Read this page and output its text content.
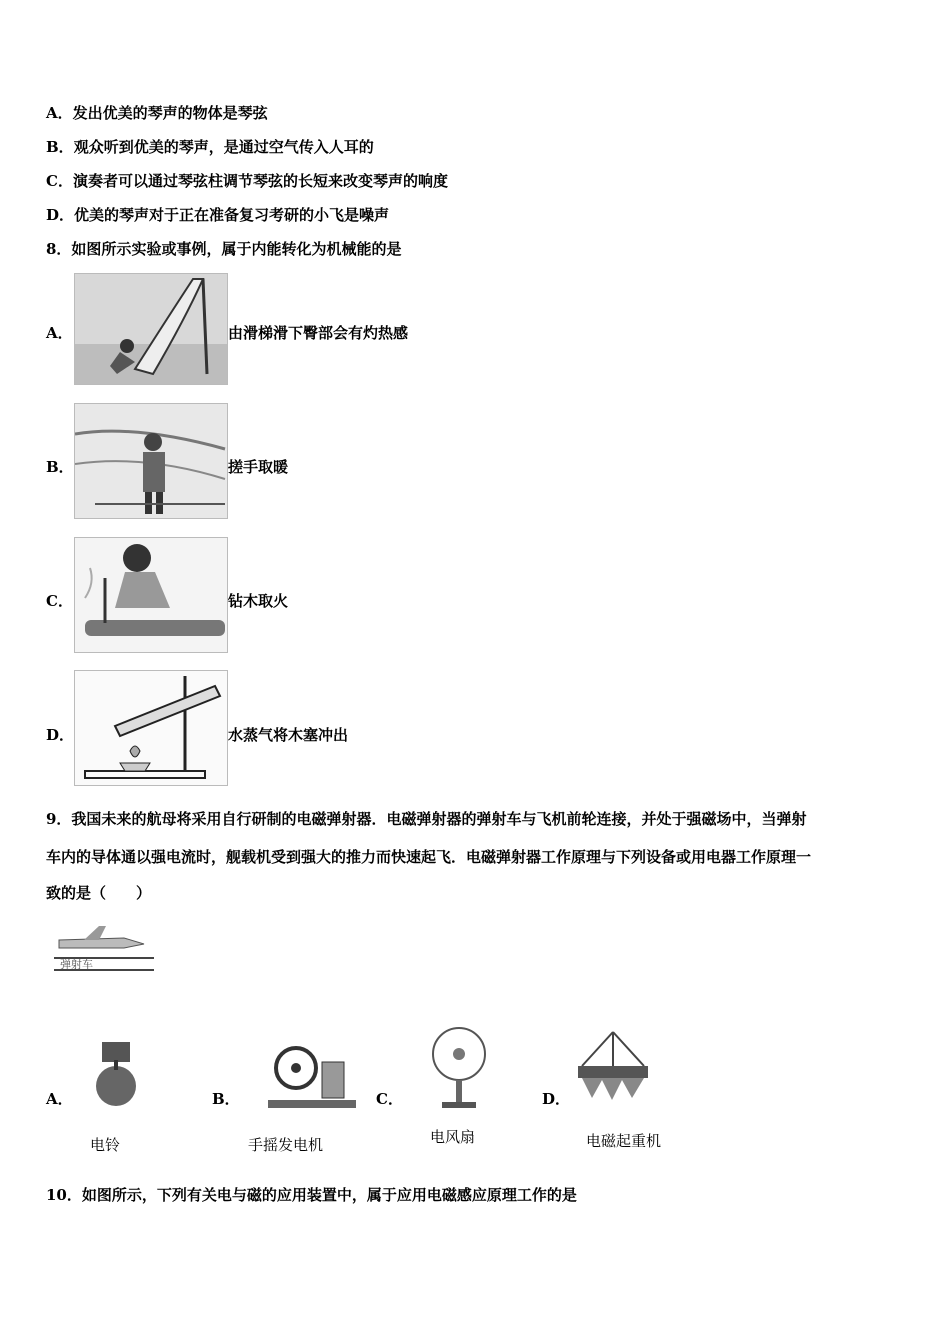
A．发出优美的琴声的物体是琴弦
B．观众听到优美的琴声，是通过空气传入人耳的
C．演奏者可以通过琴弦柱调节琴弦的长短来改变琴声的响度
D．优美的琴声对于正在准备复习考研的小飞是噪声
8．如图所示实验或事例，属于内能转化为机械能的是
A．	由滑梯滑下臀部会有灼热感
B．	搓手取暖
C．	钻木取火
D．	水蒸气将木塞冲出
9．我国未来的航母将采用自行研制的电磁弹射器．电磁弹射器的弹射车与飞机前轮连接，并处于强磁场中，当弹射
车内的导体通以强电流时，舰载机受到强大的推力而快速起飞．电磁弹射器工作原理与下列设备或用电器工作原理一
致的是（　　）
弹射车
A．
电铃
B．
手摇发电机
C．
电风扇
D．
电磁起重机
10．如图所示，下列有关电与磁的应用装置中，属于应用电磁感应原理工作的是
